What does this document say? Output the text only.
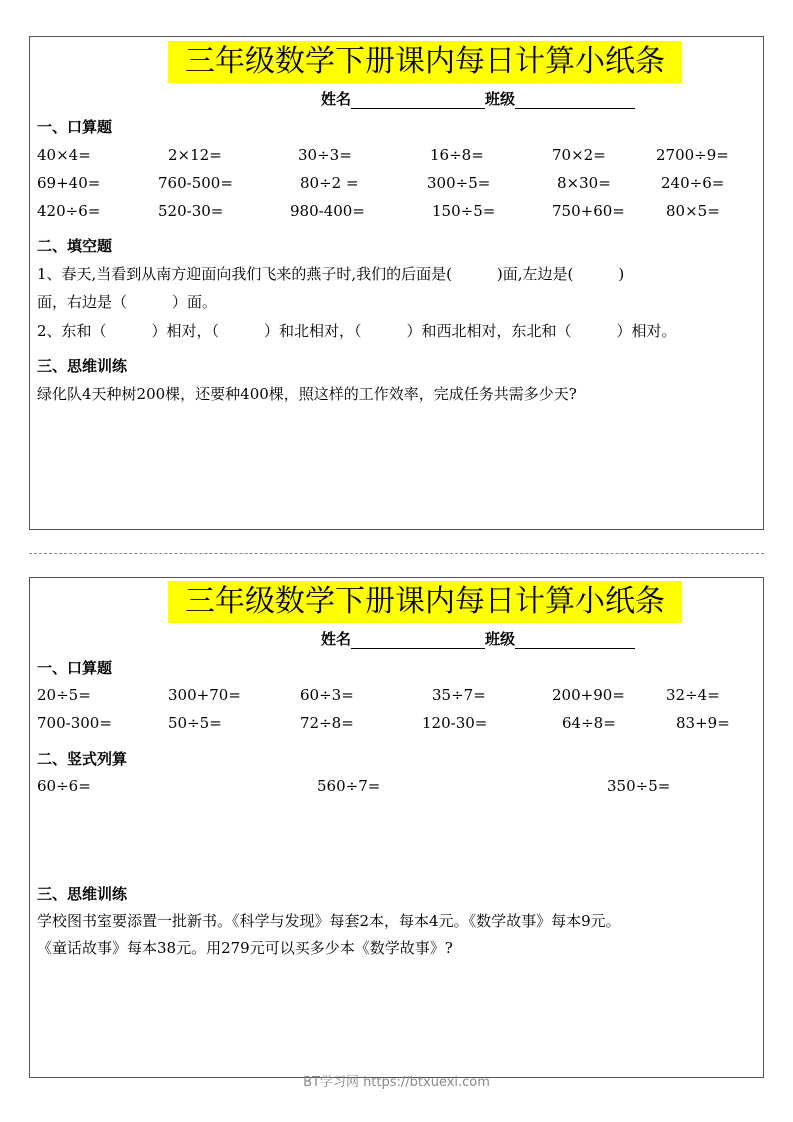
三年级数学下册课内每日计算小纸条
姓名	班级
一、口算题
40×4=	2×12=	30÷3=	16÷8=	70×2=	2700÷9=
69+40=	760-500=	80÷2 =	300÷5=	8×30=	240÷6=
420÷6=	520-30=	980-400=	150÷5=	750+60=	80×5=
二、填空题
1、春天,当看到从南方迎面向我们飞来的燕子时,我们的后面是(　　　)面,左边是(　　　)
面，右边是（　　　）面。
2、东和（　　　）相对，（　　　）和北相对，（　　　）和西北相对，东北和（　　　）相对。
三、思维训练
绿化队4天种树200棵，还要种400棵，照这样的工作效率，完成任务共需多少天?
三年级数学下册课内每日计算小纸条
姓名	班级
一、口算题
20÷5=	300+70=	60÷3=	35÷7=	200+90=	32÷4=
700-300=	50÷5=	72÷8=	120-30=	64÷8=	83+9=
二、竖式列算
60÷6=	560÷7=	350÷5=
三、思维训练
学校图书室要添置一批新书。《科学与发现》每套2本，每本4元。《数学故事》每本9元。
《童话故事》每本38元。用279元可以买多少本《数学故事》?
BT学习网 https://btxuexi.com
